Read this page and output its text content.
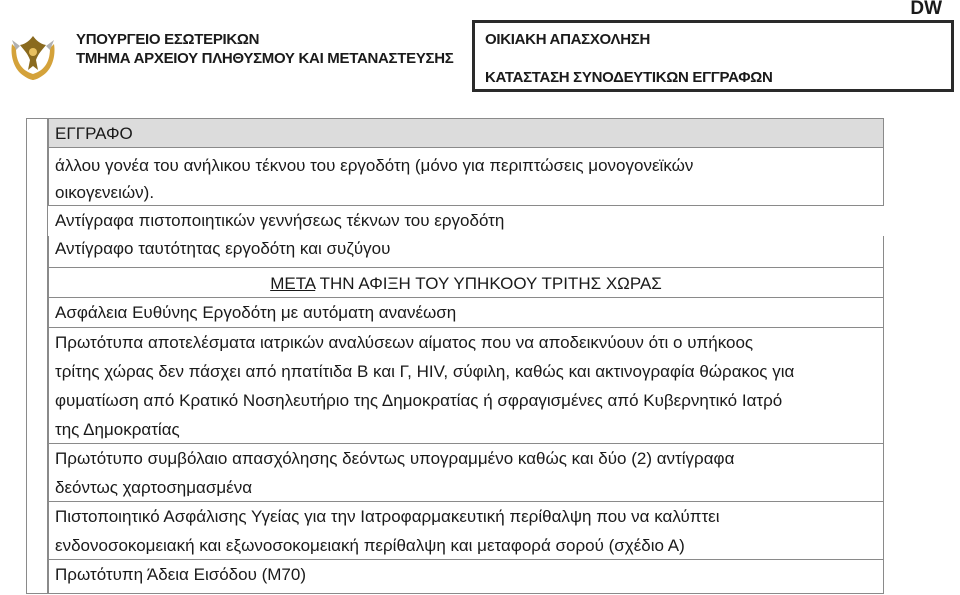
ΥΠΟΥΡΓΕΙΟ ΕΣΩΤΕΡΙΚΩΝ
ΤΜΗΜΑ ΑΡΧΕΙΟΥ ΠΛΗΘΥΣΜΟΥ ΚΑΙ ΜΕΤΑΝΑΣΤΕΥΣΗΣ
ΟΙΚΙΑΚΗ ΑΠΑΣΧΟΛΗΣΗ
ΚΑΤΑΣΤΑΣΗ ΣΥΝΟΔΕΥΤΙΚΩΝ ΕΓΓΡΑΦΩΝ
DW
ΕΓΓΡΑΦΟ
άλλου γονέα του ανήλικου τέκνου του εργοδότη (μόνο για περιπτώσεις μονογονεϊκών
οικογενειών).
Αντίγραφα πιστοποιητικών γεννήσεως τέκνων του εργοδότη
Αντίγραφο ταυτότητας εργοδότη και συζύγου
ΜΕΤΑ ΤΗΝ ΑΦΙΞΗ ΤΟΥ ΥΠΗΚΟΟΥ ΤΡΙΤΗΣ ΧΩΡΑΣ
Ασφάλεια Ευθύνης Εργοδότη με αυτόματη ανανέωση
Πρωτότυπα αποτελέσματα ιατρικών αναλύσεων αίματος που να αποδεικνύουν ότι ο υπήκοος
τρίτης χώρας δεν πάσχει από ηπατίτιδα Β και Γ, HIV, σύφιλη, καθώς και ακτινογραφία θώρακος για
φυματίωση από Κρατικό Νοσηλευτήριο της Δημοκρατίας ή σφραγισμένες από Κυβερνητικό Ιατρό
της Δημοκρατίας
Πρωτότυπο συμβόλαιο απασχόλησης δεόντως υπογραμμένο καθώς και δύο (2) αντίγραφα
δεόντως χαρτοσημασμένα
Πιστοποιητικό Ασφάλισης Υγείας για την Ιατροφαρμακευτική περίθαλψη που να καλύπτει
ενδονοσοκομειακή και εξωνοσοκομειακή περίθαλψη και μεταφορά σορού (σχέδιο Α)
Πρωτότυπη Άδεια Εισόδου (Μ70)
